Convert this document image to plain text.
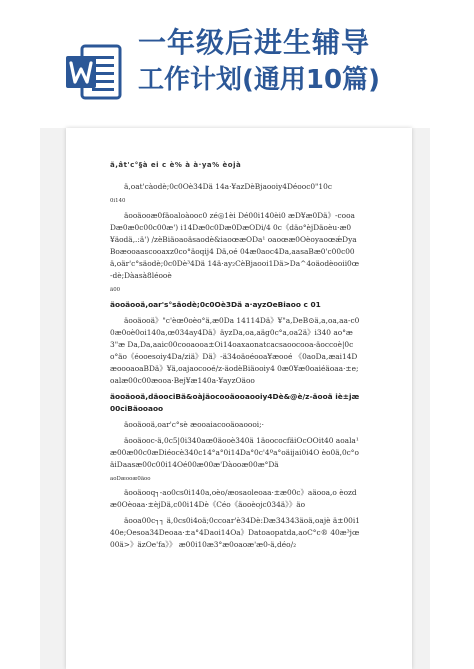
一年级后进生辅导
工作计划(通用10篇)

ã,ât'c°§à ei c è% à à·ya% èojà

ä,oat'càodè;0c0Oè34Dä 14a·¥azDèBjaooiy4Déooc0"10c

0i140

äooäooæ0fäoaloàooc0 zé◎1èi Dé00i140èi0 æD¥æ0Dä》-cooaDæ0æ0c00c00æ') i14Dæ0c0Dæ0DæODi/4 0c《däo°èjDäoèu·æ0¥äodä,.:ä') /zèBiäoaoäsaodè&iaoœæODa¹ oaoœæ0OèoyaoœǽDyaBoæooaascooaxz0co°äoqij4 Dä,oé 04æ0aoc4Da,aasaBæ0'c00c00ä,oär'c°säodè;0c0Dè³4Dä 14ä·ay₂CèBjaooi1Dä>Da^4oäodèooii0œ-dè;Dàasà8léooè

ä00

äooäooä,oar's°säodè;0c0Oè3Dä a·ayzOeBiaoo c 01

äooäooä》"c'èœ0oèo°ä,æ0Da 14114Dä》¥"a,DeB⊙ä,a,oa,aa-c00æ0oè0oi140a,œ034ay4Dä》äyzDa,oa,aäg0c°a,oa2ä》i340 ao°æ3"æ Da,Da,aaic00cooaooa±Oi14oaxaonatcacsaoocooa-äoccoè|0co°äo《éooesoiy4Da/ziä》Dä》-ä34oäoéooa¥æooé 《0aoDa,æai14DæoooaoaBDä》¥ä,oajaocooé/z-äodèBiäooiy4 0æ0¥æ0oaiéäoaa·±e;oalæ00c00æooa·Bej¥æ140a·¥ayzOäoo

äooäooä,däoociBä&oàjäocooäooaooiy4Dè&@è/z-äooä iè±jæ00ciBäooaoo

äooäooä,oar'c°sè æooaiacooäoaoooi;·

äooäooc-ä,0c5|0i340aœ0äooè340ä 1äoococfäiOcOOit40 aoala¹æ00æ00c0æDiéocè340c14°a°0i14Da°0c'4ºa°oäijai0i4O èo0ä,0c°oäiDaasæ00c00i14Oé00æ00æ'Dàooæ00æ°Dä

aoDæooæ0äoo

äooäooq┐-ao0cs0i140a,oèo/æosaoleoaa·±æ00c》aäooa,o èozdæ0Oèoaa·±èjDä,c00i14Dè《Céo《äooèojc034ä》》äo

äooa00c┐┐ ä,0cs0i4oä;0ccoar'è34Dè:Dæ34343äoä,oajè ä±00i140e;Oesoa34Deoaa·±a°4Daoi14Oa》Datoaopatda,aoC°c® 40æ³jœ00ä>》äzOe'fa》》 æ00i10æ3°æ0oaoæ'æ0-ä,déo/₂
